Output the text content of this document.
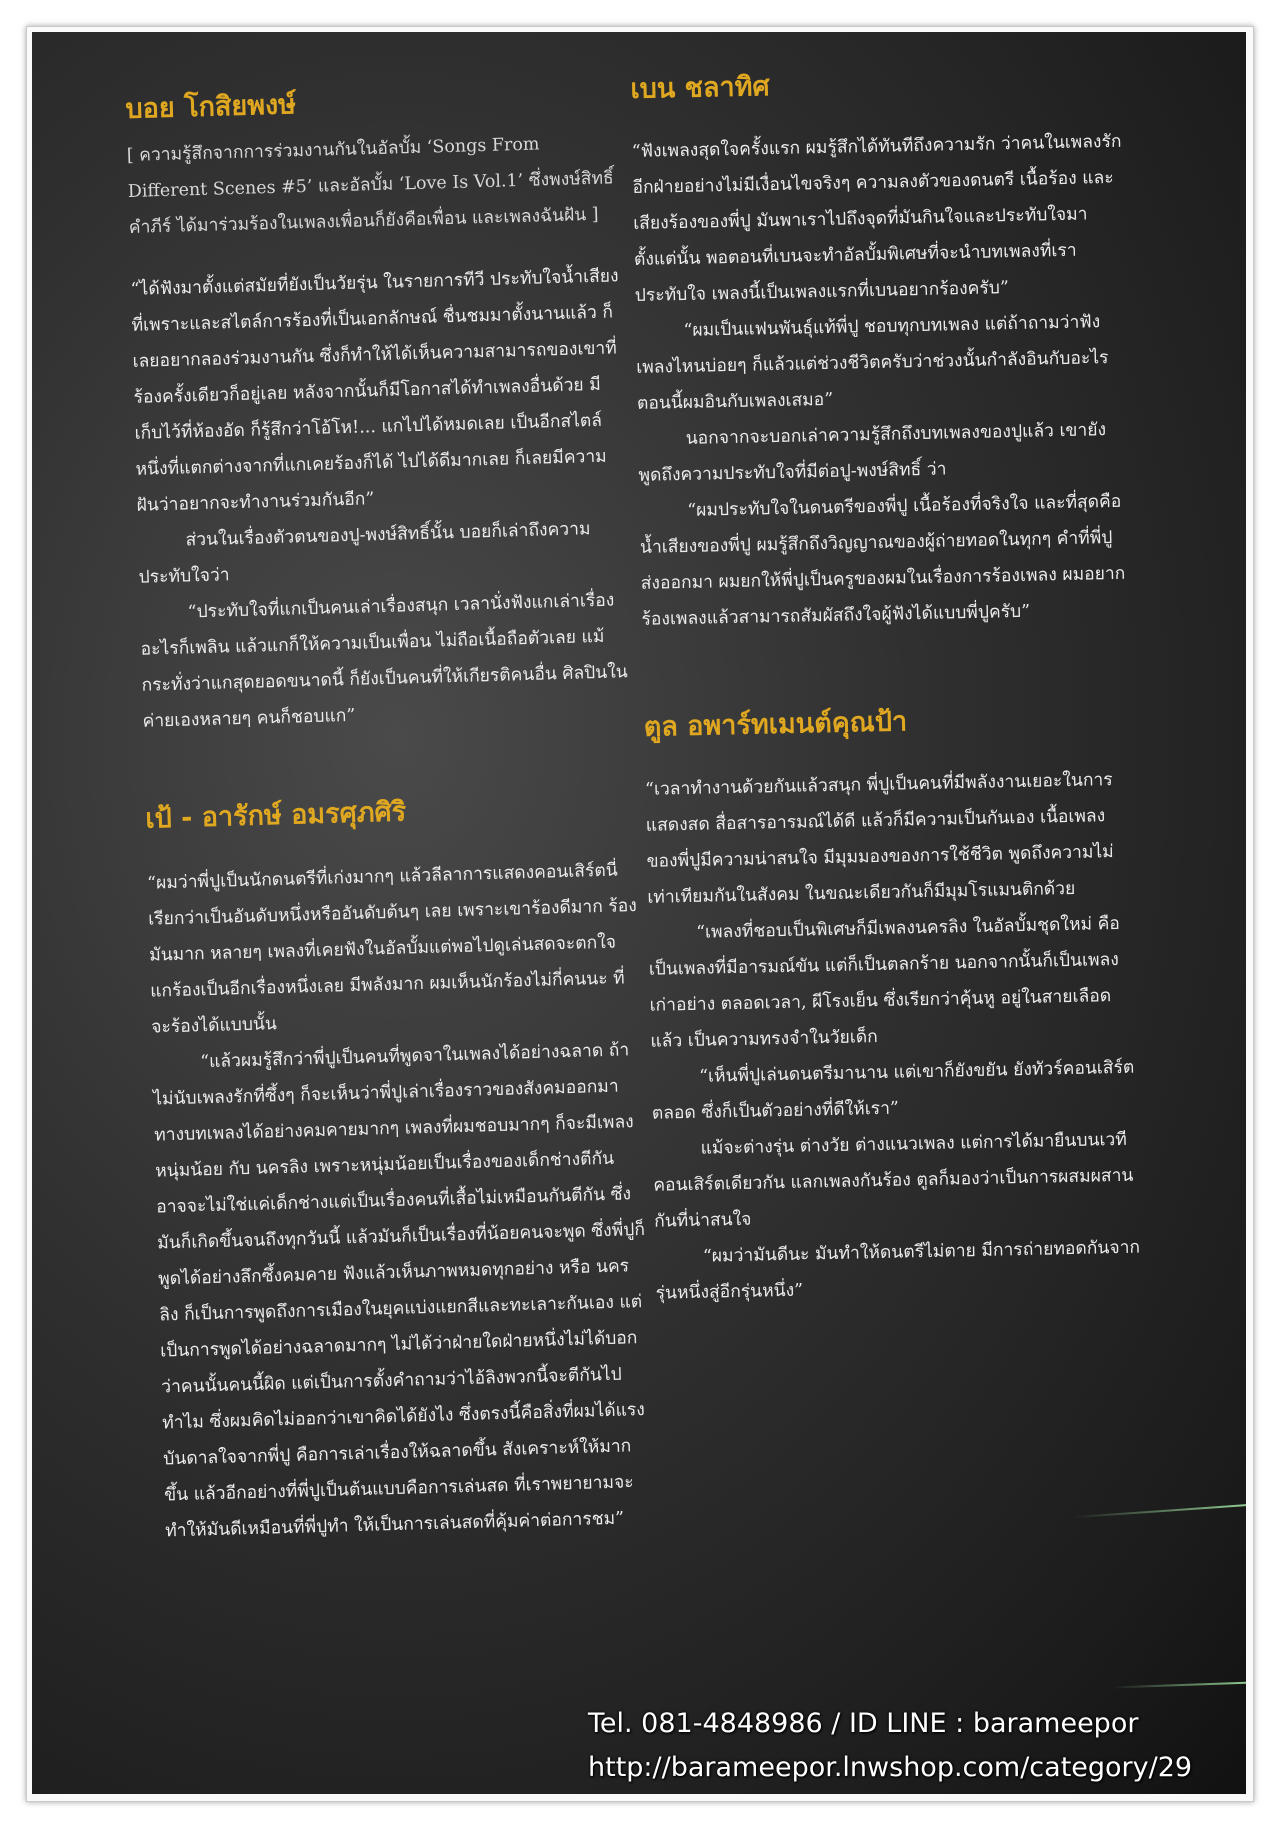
บอย โกสิยพงษ์

[ ความรู้สึกจากการร่วมงานกันในอัลบั้ม ‘Songs From Different Scenes #5’ และอัลบั้ม ‘Love Is Vol.1’ ซึ่งพงษ์สิทธิ์ คำภีร์ ได้มาร่วมร้องในเพลงเพื่อนก็ยังคือเพื่อน และเพลงฉันฝัน ]

“ได้ฟังมาตั้งแต่สมัยที่ยังเป็นวัยรุ่น ในรายการทีวี ประทับใจน้ำเสียงที่เพราะและสไตล์การร้องที่เป็นเอกลักษณ์ ชื่นชมมาตั้งนานแล้ว ก็เลยอยากลองร่วมงานกัน ซึ่งก็ทำให้ได้เห็นความสามารถของเขาที่ร้องครั้งเดียวก็อยู่เลย หลังจากนั้นก็มีโอกาสได้ทำเพลงอื่นด้วย มีเก็บไว้ที่ห้องอัด ก็รู้สึกว่าโอ้โห!... แกไปได้หมดเลย เป็นอีกสไตล์หนึ่งที่แตกต่างจากที่แกเคยร้องก็ได้ ไปได้ดีมากเลย ก็เลยมีความฝันว่าอยากจะทำงานร่วมกันอีก”

ส่วนในเรื่องตัวตนของปู-พงษ์สิทธิ์นั้น บอยก็เล่าถึงความประทับใจว่า

“ประทับใจที่แกเป็นคนเล่าเรื่องสนุก เวลานั่งฟังแกเล่าเรื่องอะไรก็เพลิน แล้วแกก็ให้ความเป็นเพื่อน ไม่ถือเนื้อถือตัวเลย แม้กระทั่งว่าแกสุดยอดขนาดนี้ ก็ยังเป็นคนที่ให้เกียรติคนอื่น ศิลปินในค่ายเองหลายๆ คนก็ชอบแก”

เป้ - อารักษ์ อมรศุภศิริ

“ผมว่าพี่ปูเป็นนักดนตรีที่เก่งมากๆ แล้วลีลาการแสดงคอนเสิร์ตนี่เรียกว่าเป็นอันดับหนึ่งหรืออันดับต้นๆ เลย เพราะเขาร้องดีมาก ร้องมันมาก หลายๆ เพลงที่เคยฟังในอัลบั้มแต่พอไปดูเล่นสดจะตกใจ แกร้องเป็นอีกเรื่องหนึ่งเลย มีพลังมาก ผมเห็นนักร้องไม่กี่คนนะ ที่จะร้องได้แบบนั้น

“แล้วผมรู้สึกว่าพี่ปูเป็นคนที่พูดจาในเพลงได้อย่างฉลาด ถ้าไม่นับเพลงรักที่ซึ้งๆ ก็จะเห็นว่าพี่ปูเล่าเรื่องราวของสังคมออกมาทางบทเพลงได้อย่างคมคายมากๆ เพลงที่ผมชอบมากๆ ก็จะมีเพลงหนุ่มน้อย กับ นครลิง เพราะหนุ่มน้อยเป็นเรื่องของเด็กช่างตีกัน อาจจะไม่ใช่แค่เด็กช่างแต่เป็นเรื่องคนที่เสื้อไม่เหมือนกันตีกัน ซึ่งมันก็เกิดขึ้นจนถึงทุกวันนี้ แล้วมันก็เป็นเรื่องที่น้อยคนจะพูด ซึ่งพี่ปูก็พูดได้อย่างลึกซึ้งคมคาย ฟังแล้วเห็นภาพหมดทุกอย่าง หรือ นครลิง ก็เป็นการพูดถึงการเมืองในยุคแบ่งแยกสีและทะเลาะกันเอง แต่เป็นการพูดได้อย่างฉลาดมากๆ ไม่ได้ว่าฝ่ายใดฝ่ายหนึ่งไม่ได้บอกว่าคนนั้นคนนี้ผิด แต่เป็นการตั้งคำถามว่าไอ้ลิงพวกนี้จะตีกันไปทำไม ซึ่งผมคิดไม่ออกว่าเขาคิดได้ยังไง ซึ่งตรงนี้คือสิ่งที่ผมได้แรงบันดาลใจจากพี่ปู คือการเล่าเรื่องให้ฉลาดขึ้น สังเคราะห์ให้มากขึ้น แล้วอีกอย่างที่พี่ปูเป็นต้นแบบคือการเล่นสด ที่เราพยายามจะทำให้มันดีเหมือนที่พี่ปูทำ ให้เป็นการเล่นสดที่คุ้มค่าต่อการชม”

เบน ชลาทิศ

“ฟังเพลงสุดใจครั้งแรก ผมรู้สึกได้ทันทีถึงความรัก ว่าคนในเพลงรักอีกฝ่ายอย่างไม่มีเงื่อนไขจริงๆ ความลงตัวของดนตรี เนื้อร้อง และเสียงร้องของพี่ปู มันพาเราไปถึงจุดที่มันกินใจและประทับใจมาตั้งแต่นั้น พอตอนที่เบนจะทำอัลบั้มพิเศษที่จะนำบทเพลงที่เราประทับใจ เพลงนี้เป็นเพลงแรกที่เบนอยากร้องครับ”

“ผมเป็นแฟนพันธุ์แท้พี่ปู ชอบทุกบทเพลง แต่ถ้าถามว่าฟังเพลงไหนบ่อยๆ ก็แล้วแต่ช่วงชีวิตครับว่าช่วงนั้นกำลังอินกับอะไร ตอนนี้ผมอินกับเพลงเสมอ”

นอกจากจะบอกเล่าความรู้สึกถึงบทเพลงของปูแล้ว เขายังพูดถึงความประทับใจที่มีต่อปู-พงษ์สิทธิ์ ว่า

“ผมประทับใจในดนตรีของพี่ปู เนื้อร้องที่จริงใจ และที่สุดคือน้ำเสียงของพี่ปู ผมรู้สึกถึงวิญญาณของผู้ถ่ายทอดในทุกๆ คำที่พี่ปูส่งออกมา ผมยกให้พี่ปูเป็นครูของผมในเรื่องการร้องเพลง ผมอยากร้องเพลงแล้วสามารถสัมผัสถึงใจผู้ฟังได้แบบพี่ปูครับ”

ตูล อพาร์ทเมนต์คุณป้า

“เวลาทำงานด้วยกันแล้วสนุก พี่ปูเป็นคนที่มีพลังงานเยอะในการแสดงสด สื่อสารอารมณ์ได้ดี แล้วก็มีความเป็นกันเอง เนื้อเพลงของพี่ปูมีความน่าสนใจ มีมุมมองของการใช้ชีวิต พูดถึงความไม่เท่าเทียมกันในสังคม ในขณะเดียวกันก็มีมุมโรแมนติกด้วย

“เพลงที่ชอบเป็นพิเศษก็มีเพลงนครลิง ในอัลบั้มชุดใหม่ คือเป็นเพลงที่มีอารมณ์ขัน แต่ก็เป็นตลกร้าย นอกจากนั้นก็เป็นเพลงเก่าอย่าง ตลอดเวลา, ผีโรงเย็น ซึ่งเรียกว่าคุ้นหู อยู่ในสายเลือดแล้ว เป็นความทรงจำในวัยเด็ก

“เห็นพี่ปูเล่นดนตรีมานาน แต่เขาก็ยังขยัน ยังทัวร์คอนเสิร์ตตลอด ซึ่งก็เป็นตัวอย่างที่ดีให้เรา”

แม้จะต่างรุ่น ต่างวัย ต่างแนวเพลง แต่การได้มายืนบนเวทีคอนเสิร์ตเดียวกัน แลกเพลงกันร้อง ตูลก็มองว่าเป็นการผสมผสานกันที่น่าสนใจ

“ผมว่ามันดีนะ มันทำให้ดนตรีไม่ตาย มีการถ่ายทอดกันจากรุ่นหนึ่งสู่อีกรุ่นหนึ่ง”

Tel. 081-4848986 / ID LINE : barameepor
http://barameepor.lnwshop.com/category/29
